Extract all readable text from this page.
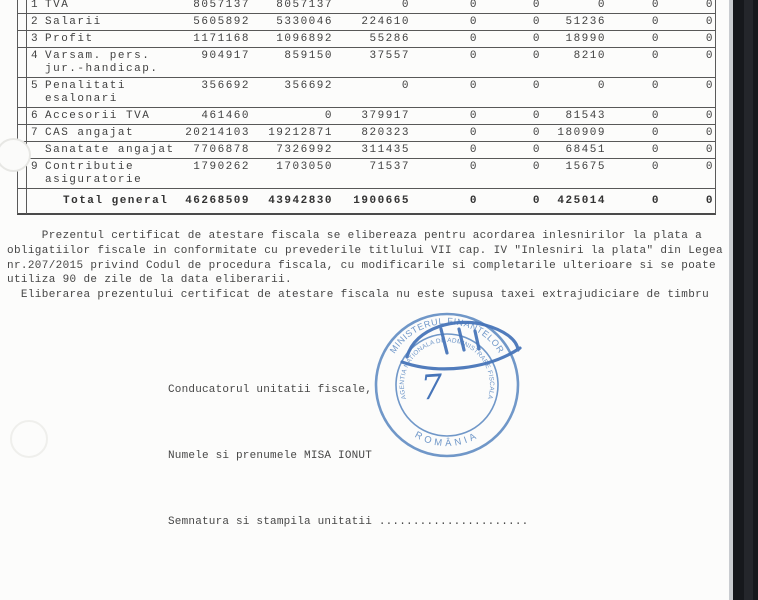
1 TVA	8057137	8057137	0	0	0	0	0	0
2 Salarii	5605892	5330046	224610	0	0	51236	0	0
3 Profit	1171168	1096892	55286	0	0	18990	0	0
4 Varsam. pers.
jur.-handicap.
904917	859150	37557	0	0	8210	0	0
5 Penalitati
esalonari
356692	356692	0	0	0	0	0	0
6 Accesorii TVA	461460	0	379917	0	0	81543	0	0
7 CAS angajat	20214103	19212871	820323	0	0	180909	0	0
Sanatate angajat	7706878	7326992	311435	0	0	68451	0	0
9 Contributie
asiguratorie
1790262	1703050	71537	0	0	15675	0	0
Total general	46268509	43942830	1900665	0	0	425014	0	0
Prezentul certificat de atestare fiscala se elibereaza pentru acordarea inlesnirilor la plata a
obligatiilor fiscale in conformitate cu prevederile titlului VII cap. IV "Inlesniri la plata" din Legea
nr.207/2015 privind Codul de procedura fiscala, cu modificarile si completarile ulterioare si se poate
utiliza 90 de zile de la data eliberarii.
Eliberarea prezentului certificat de atestare fiscala nu este supusa taxei extrajudiciare de timbru

Conducatorul unitatii fiscale,

Numele si prenumele MISA IONUT

Semnatura si stampila unitatii ......................

MINISTERUL FINANTELOR
ROMÂNIA
AGENTIA NATIONALA DE ADMINISTRARE FISCALA
7
